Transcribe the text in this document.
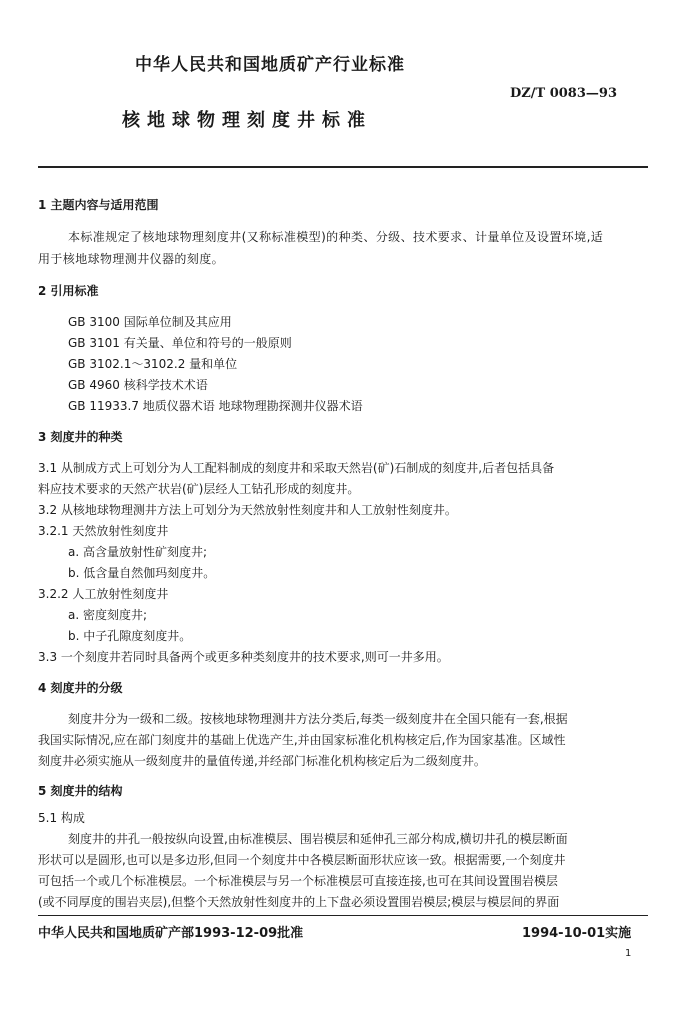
中华人民共和国地质矿产行业标准
DZ/T 0083—93
核地球物理刻度井标准
1 主题内容与适用范围
本标准规定了核地球物理刻度井(又称标准模型)的种类、分级、技术要求、计量单位及设置环境,适
用于核地球物理测井仪器的刻度。
2 引用标准
GB 3100 国际单位制及其应用
GB 3101 有关量、单位和符号的一般原则
GB 3102.1～3102.2 量和单位
GB 4960 核科学技术术语
GB 11933.7 地质仪器术语 地球物理勘探测井仪器术语
3 刻度井的种类
3.1 从制成方式上可划分为人工配料制成的刻度井和采取天然岩(矿)石制成的刻度井,后者包括具备
料应技术要求的天然产状岩(矿)层经人工钻孔形成的刻度井。
3.2 从核地球物理测井方法上可划分为天然放射性刻度井和人工放射性刻度井。
3.2.1 天然放射性刻度井
a. 高含量放射性矿刻度井;
b. 低含量自然伽玛刻度井。
3.2.2 人工放射性刻度井
a. 密度刻度井;
b. 中子孔隙度刻度井。
3.3 一个刻度井若同时具备两个或更多种类刻度井的技术要求,则可一井多用。
4 刻度井的分级
刻度井分为一级和二级。按核地球物理测井方法分类后,每类一级刻度井在全国只能有一套,根据
我国实际情况,应在部门刻度井的基础上优选产生,并由国家标准化机构核定后,作为国家基准。区域性
刻度井必须实施从一级刻度井的量值传递,并经部门标准化机构核定后为二级刻度井。
5 刻度井的结构
5.1 构成
刻度井的井孔一般按纵向设置,由标准模层、围岩模层和延伸孔三部分构成,横切井孔的模层断面
形状可以是圆形,也可以是多边形,但同一个刻度井中各模层断面形状应该一致。根据需要,一个刻度井
可包括一个或几个标准模层。一个标准模层与另一个标准模层可直接连接,也可在其间设置围岩模层
(或不同厚度的围岩夹层),但整个天然放射性刻度井的上下盘必须设置围岩模层;模层与模层间的界面
中华人民共和国地质矿产部1993-12-09批准	1994-10-01实施
1
